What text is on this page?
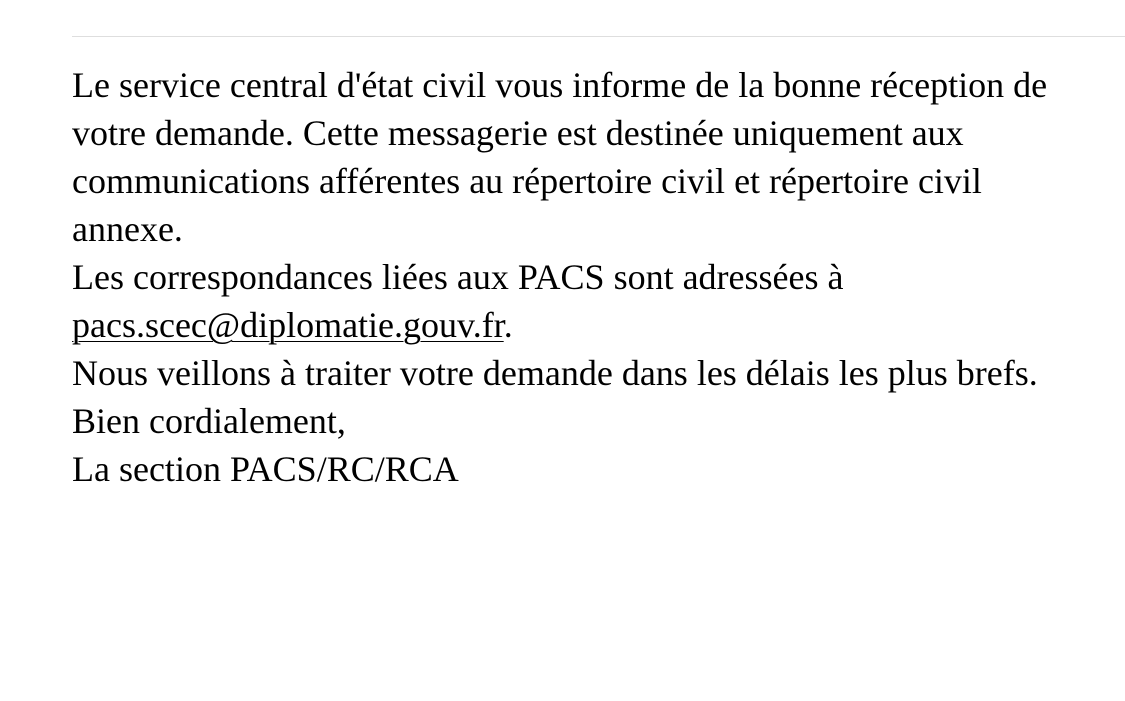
Le service central d'état civil vous informe de la bonne réception de votre demande. Cette messagerie est destinée uniquement aux communications afférentes au répertoire civil et répertoire civil annexe.

Les correspondances liées aux PACS sont adressées à pacs.scec@diplomatie.gouv.fr.

Nous veillons à traiter votre demande dans les délais les plus brefs.

Bien cordialement,

La section PACS/RC/RCA
